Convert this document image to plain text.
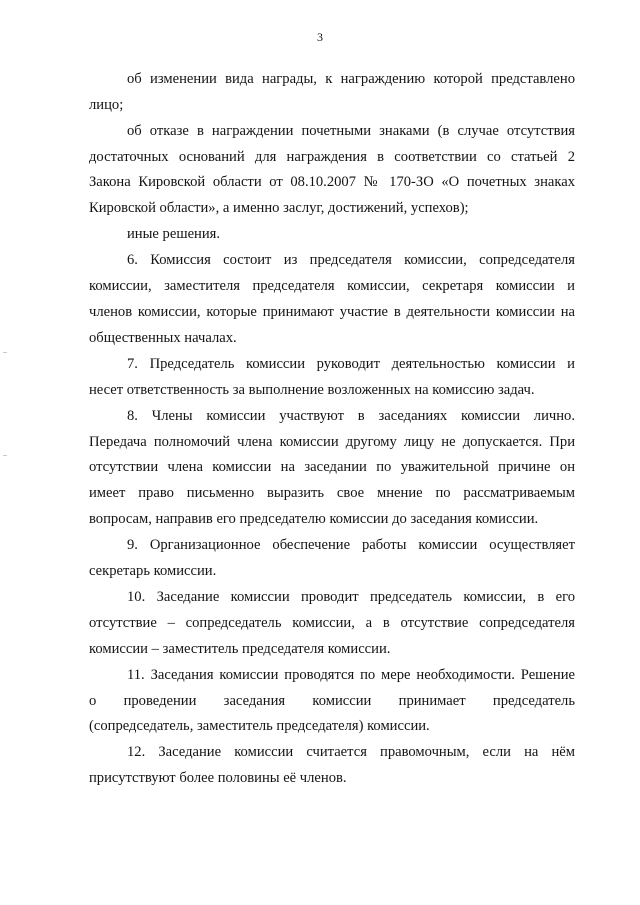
3
об изменении вида награды, к награждению которой представлено
лицо;
об отказе в награждении почетными знаками (в случае отсутствия
достаточных оснований для награждения в соответствии со статьей 2
Закона Кировской области от 08.10.2007 № 170-ЗО «О почетных знаках
Кировской области», а именно заслуг, достижений, успехов);
иные решения.
6. Комиссия состоит из председателя комиссии, сопредседателя
комиссии, заместителя председателя комиссии, секретаря комиссии и
членов комиссии, которые принимают участие в деятельности комиссии на
общественных началах.
7. Председатель комиссии руководит деятельностью комиссии и
несет ответственность за выполнение возложенных на комиссию задач.
8. Члены комиссии участвуют в заседаниях комиссии лично.
Передача полномочий члена комиссии другому лицу не допускается. При
отсутствии члена комиссии на заседании по уважительной причине он
имеет право письменно выразить свое мнение по рассматриваемым
вопросам, направив его председателю комиссии до заседания комиссии.
9. Организационное обеспечение работы комиссии осуществляет
секретарь комиссии.
10. Заседание комиссии проводит председатель комиссии, в его
отсутствие – сопредседатель комиссии, а в отсутствие сопредседателя
комиссии – заместитель председателя комиссии.
11. Заседания комиссии проводятся по мере необходимости. Решение
о проведении заседания комиссии принимает председатель
(сопредседатель, заместитель председателя) комиссии.
12. Заседание комиссии считается правомочным, если на нём
присутствуют более половины её членов.
